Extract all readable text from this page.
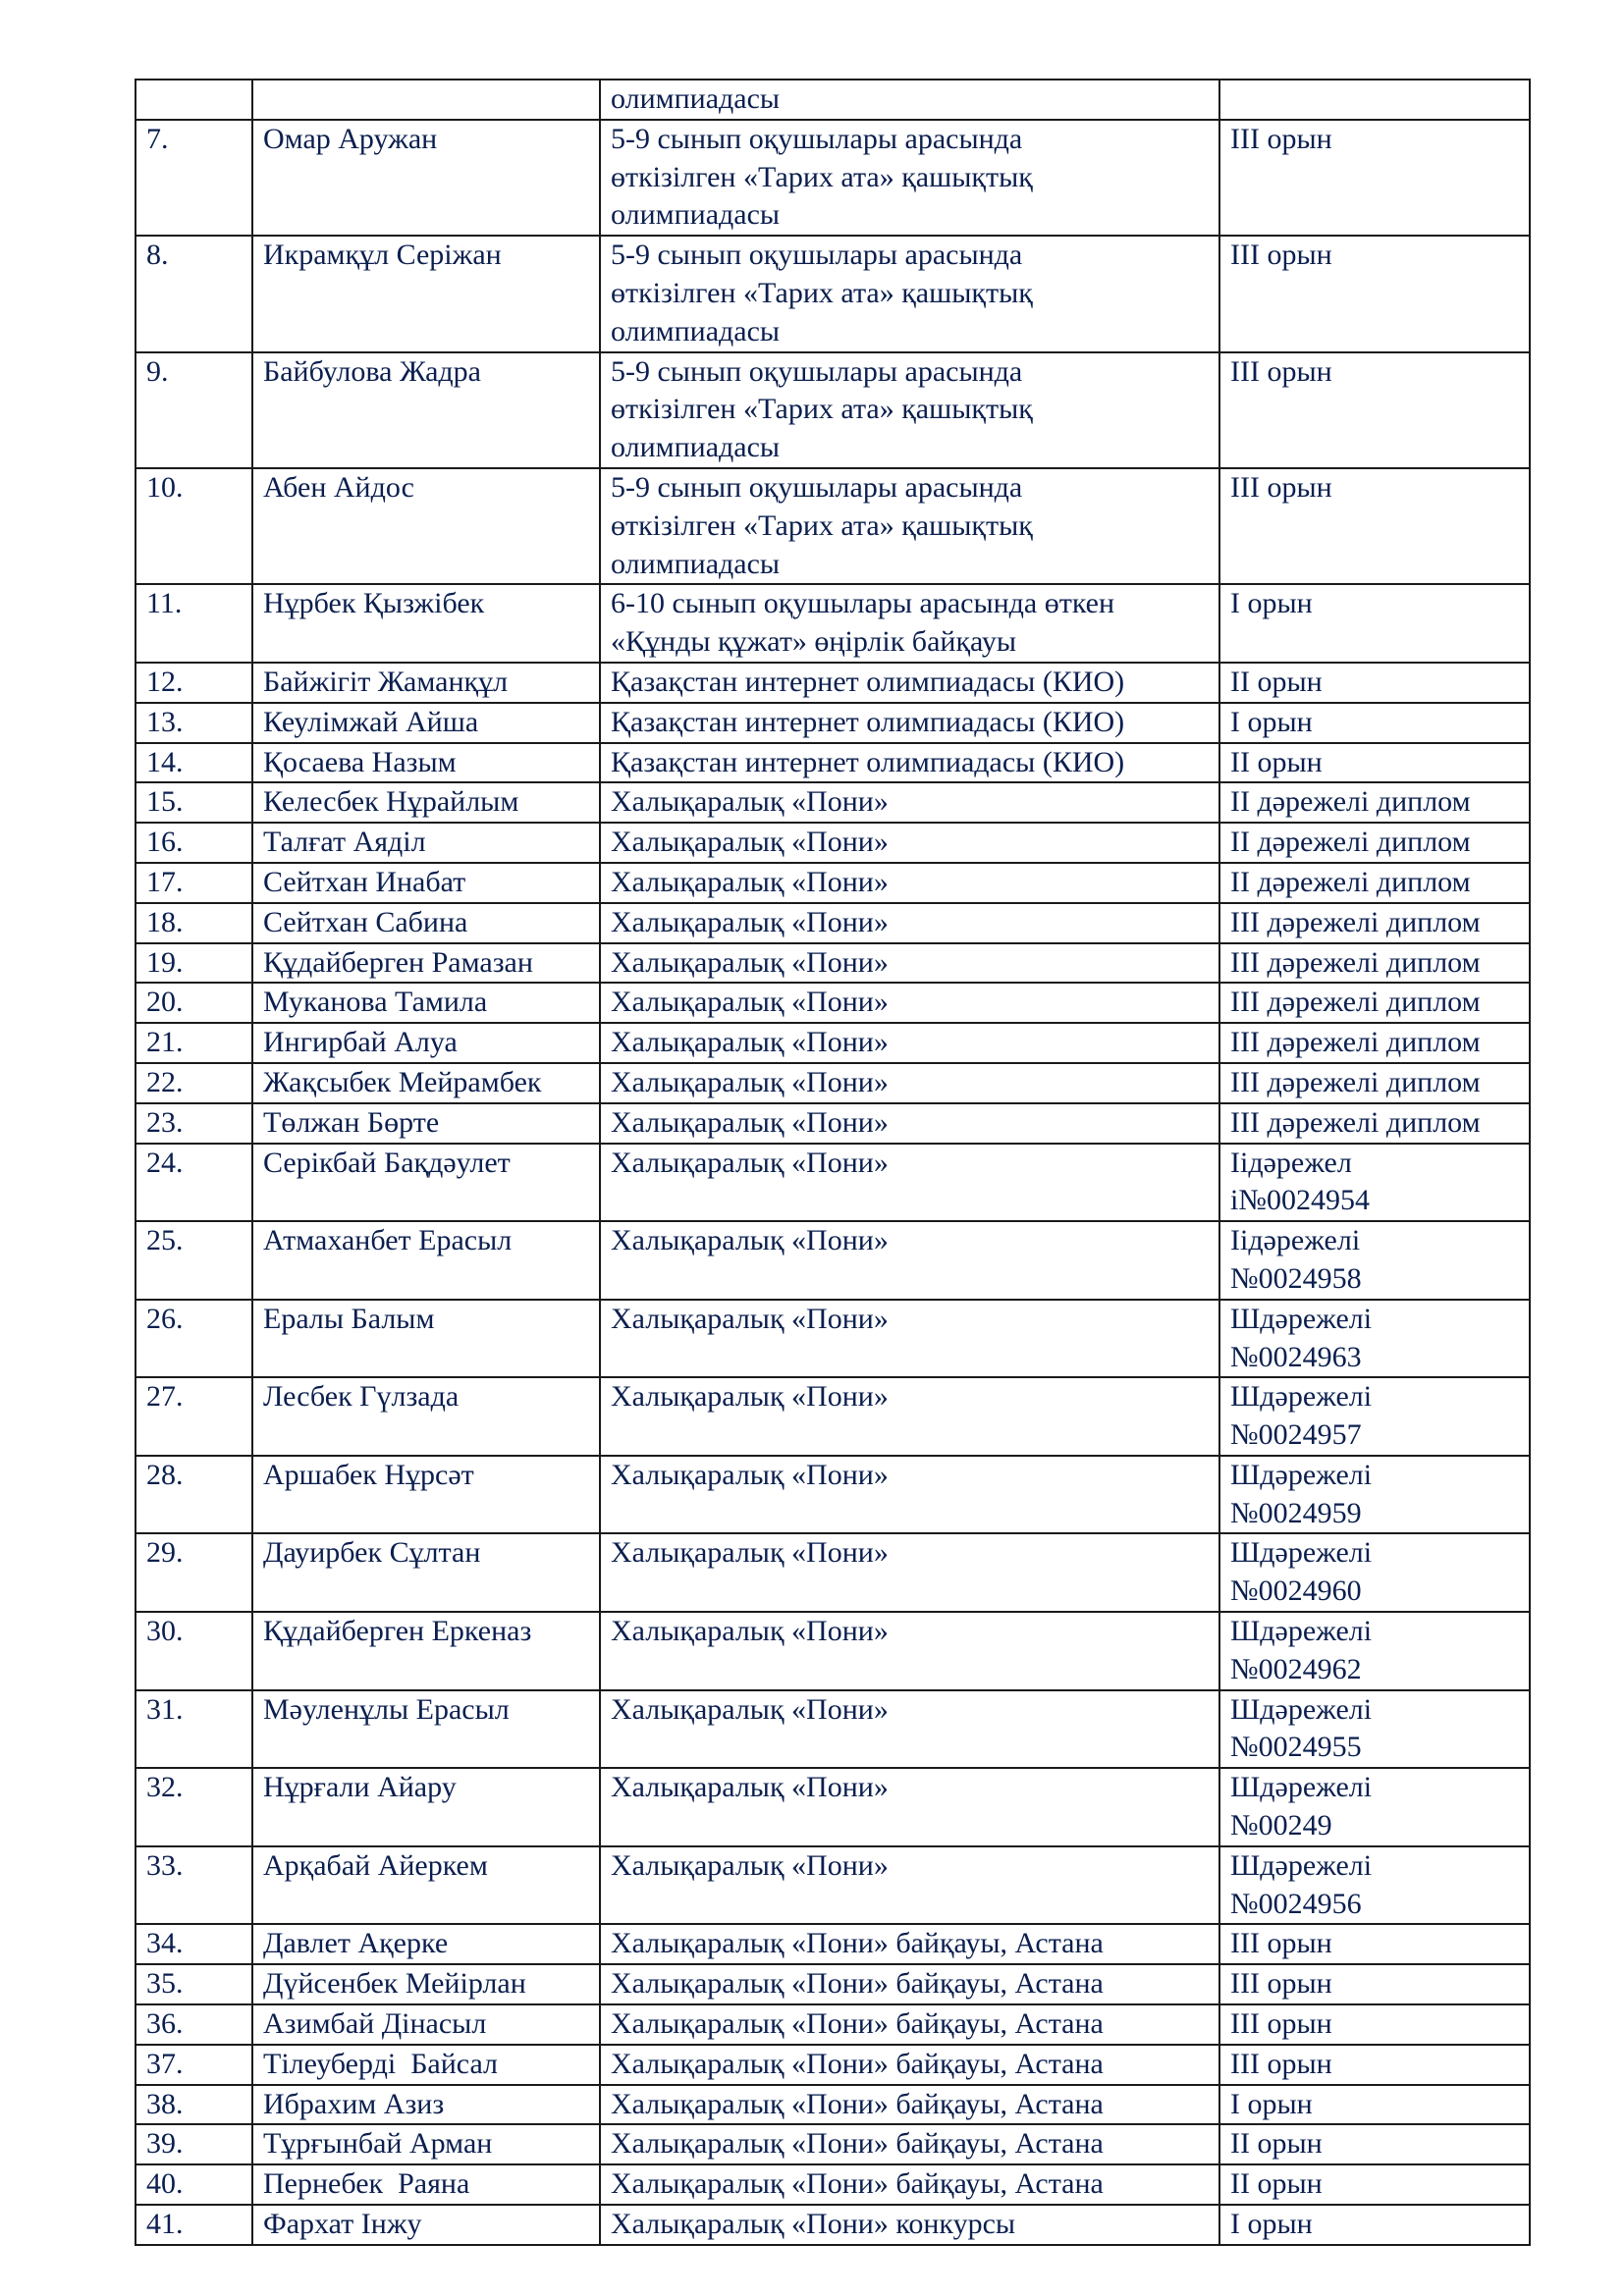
		олимпиадасы	

7.	Омар Аружан	5-9 сынып оқушылары арасында
өткізілген «Тарих ата» қашықтық
олимпиадасы	ІІІ орын

8.	Икрамқұл Серіжан	5-9 сынып оқушылары арасында
өткізілген «Тарих ата» қашықтық
олимпиадасы	ІІІ орын

9.	Байбулова Жадра	5-9 сынып оқушылары арасында
өткізілген «Тарих ата» қашықтық
олимпиадасы	ІІІ орын

10.	Абен Айдос	5-9 сынып оқушылары арасында
өткізілген «Тарих ата» қашықтық
олимпиадасы	ІІІ орын

11.	Нұрбек Қызжібек	6-10 сынып оқушылары арасында өткен
«Құнды құжат» өңірлік байқауы	І орын

12.	Байжігіт Жаманқұл	Қазақстан интернет олимпиадасы (КИО)	ІІ орын

13.	Кеулімжай Айша	Қазақстан интернет олимпиадасы (КИО)	І орын

14.	Қосаева Назым	Қазақстан интернет олимпиадасы (КИО)	ІІ орын

15.	Келесбек Нұрайлым	Халықаралық «Пони»	ІІ дәрежелі диплом

16.	Талғат Аяділ	Халықаралық «Пони»	ІІ дәрежелі диплом

17.	Сейтхан Инабат	Халықаралық «Пони»	ІІ дәрежелі диплом

18.	Сейтхан Сабина	Халықаралық «Пони»	ІІІ дәрежелі диплом

19.	Құдайберген Рамазан	Халықаралық «Пони»	ІІІ дәрежелі диплом

20.	Муканова Тамила	Халықаралық «Пони»	ІІІ дәрежелі диплом

21.	Ингирбай Алуа	Халықаралық «Пони»	ІІІ дәрежелі диплом

22.	Жақсыбек Мейрамбек	Халықаралық «Пони»	ІІІ дәрежелі диплом

23.	Төлжан Бөрте	Халықаралық «Пони»	ІІІ дәрежелі диплом

24.	Серікбай Бақдәулет	Халықаралық «Пони»	Іідәрежел
і№0024954

25.	Атмаханбет Ерасыл	Халықаралық «Пони»	Іідәрежелі
№0024958

26.	Ералы Балым	Халықаралық «Пони»	Шдәрежелі
№0024963

27.	Лесбек Гүлзада	Халықаралық «Пони»	Шдәрежелі
№0024957

28.	Аршабек Нұрсәт	Халықаралық «Пони»	Шдәрежелі
№0024959

29.	Дауирбек Сұлтан	Халықаралық «Пони»	Шдәрежелі
№0024960

30.	Құдайберген Еркеназ	Халықаралық «Пони»	Шдәрежелі
№0024962

31.	Мәуленұлы Ерасыл	Халықаралық «Пони»	Шдәрежелі
№0024955

32.	Нұрғали Айару	Халықаралық «Пони»	Шдәрежелі
№00249

33.	Арқабай Айеркем	Халықаралық «Пони»	Шдәрежелі
№0024956

34.	Давлет Ақерке	Халықаралық «Пони» байқауы, Астана	ІІІ орын

35.	Дүйсенбек Мейірлан	Халықаралық «Пони» байқауы, Астана	ІІІ орын

36.	Азимбай Дінасыл	Халықаралық «Пони» байқауы, Астана	ІІІ орын

37.	Тілеуберді  Байсал	Халықаралық «Пони» байқауы, Астана	ІІІ орын

38.	Ибрахим Азиз	Халықаралық «Пони» байқауы, Астана	І орын

39.	Тұрғынбай Арман	Халықаралық «Пони» байқауы, Астана	ІІ орын

40.	Пернебек  Раяна	Халықаралық «Пони» байқауы, Астана	ІІ орын

41.	Фархат Інжу	Халықаралық «Пони» конкурсы	І орын
